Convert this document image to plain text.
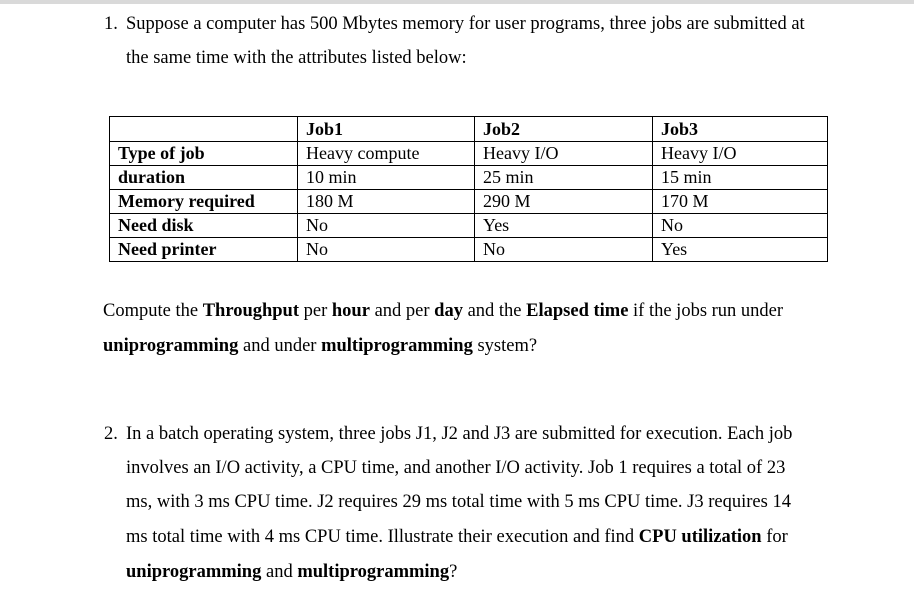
1. Suppose a computer has 500 Mbytes memory for user programs, three jobs are submitted at
the same time with the attributes listed below:
	Job1	Job2	Job3
Type of job	Heavy compute	Heavy I/O	Heavy I/O
duration	10 min	25 min	15 min
Memory required	180 M	290 M	170 M
Need disk	No	Yes	No
Need printer	No	No	Yes
Compute the Throughput per hour and per day and the Elapsed time if the jobs run under
uniprogramming and under multiprogramming system?
2. In a batch operating system, three jobs J1, J2 and J3 are submitted for execution. Each job
involves an I/O activity, a CPU time, and another I/O activity. Job 1 requires a total of 23
ms, with 3 ms CPU time. J2 requires 29 ms total time with 5 ms CPU time. J3 requires 14
ms total time with 4 ms CPU time. Illustrate their execution and find CPU utilization for
uniprogramming and multiprogramming?
